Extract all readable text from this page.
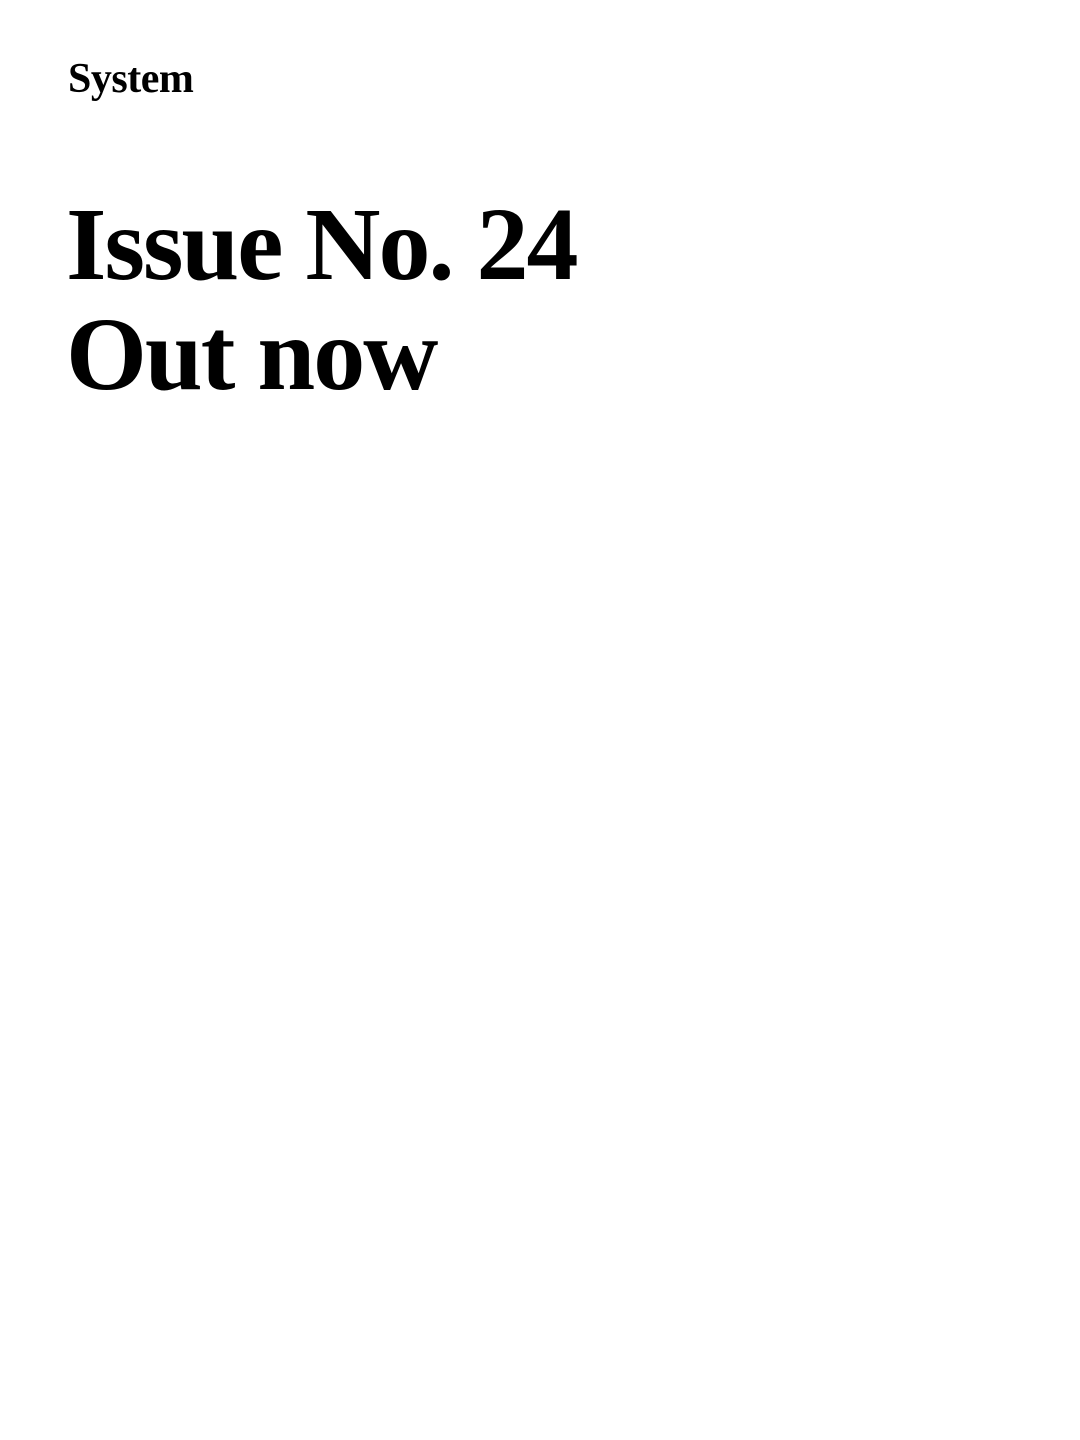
System
Issue No. 24
Out now
